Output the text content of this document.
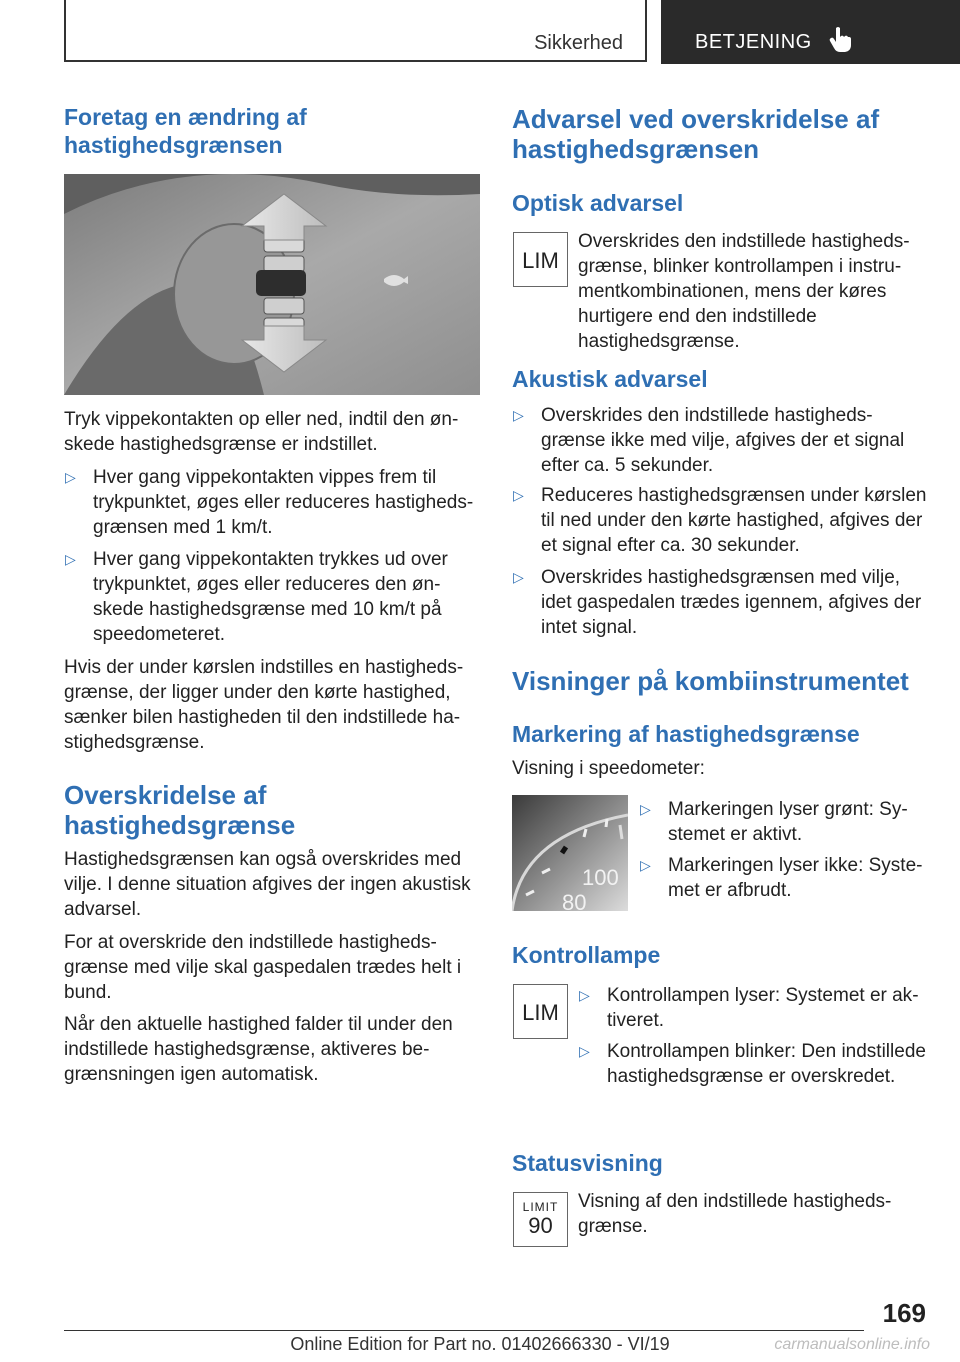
Sikkerhed	BETJENING
Foretag en ændring af hastighedsgrænsen

Tryk vippekontakten op eller ned, indtil den ønskede hastighedsgrænse er indstillet.

▷ Hver gang vippekontakten vippes frem til trykpunktet, øges eller reduceres hastighedsgrænsen med 1 km/t.
▷ Hver gang vippekontakten trykkes ud over trykpunktet, øges eller reduceres den ønskede hastighedsgrænse med 10 km/t på speedometeret.

Hvis der under kørslen indstilles en hastighedsgrænse, der ligger under den kørte hastighed, sænker bilen hastigheden til den indstillede hastighedsgrænse.

Overskridelse af hastighedsgrænse

Hastighedsgrænsen kan også overskrides med vilje. I denne situation afgives der ingen akustisk advarsel.

For at overskride den indstillede hastighedsgrænse med vilje skal gaspedalen trædes helt i bund.

Når den aktuelle hastighed falder til under den indstillede hastighedsgrænse, aktiveres begrænsningen igen automatisk.

Advarsel ved overskridelse af hastighedsgrænsen
Optisk advarsel
LIM

Overskrides den indstillede hastighedsgrænse, blinker kontrollampen i instrumentkombinationen, mens der køres hurtigere end den indstillede hastighedsgrænse.

Akustisk advarsel
▷ Overskrides den indstillede hastighedsgrænse ikke med vilje, afgives der et signal efter ca. 5 sekunder.
▷ Reduceres hastighedsgrænsen under kørslen til ned under den kørte hastighed, afgives der et signal efter ca. 30 sekunder.
▷ Overskrides hastighedsgrænsen med vilje, idet gaspedalen trædes igennem, afgives der intet signal.
Visninger på kombiinstrumentet
Markering af hastighedsgrænse

Visning i speedometer:

100
80
▷ Markeringen lyser grønt: Systemet er aktivt.
▷ Markeringen lyser ikke: Systemet er afbrudt.
Kontrollampe
LIM
▷ Kontrollampen lyser: Systemet er aktiveret.
▷ Kontrollampen blinker: Den indstillede hastighedsgrænse er overskredet.
Statusvisning
LIMIT
90

Visning af den indstillede hastighedsgrænse.

169
Online Edition for Part no. 01402666330 - VI/19	carmanualsonline.info
